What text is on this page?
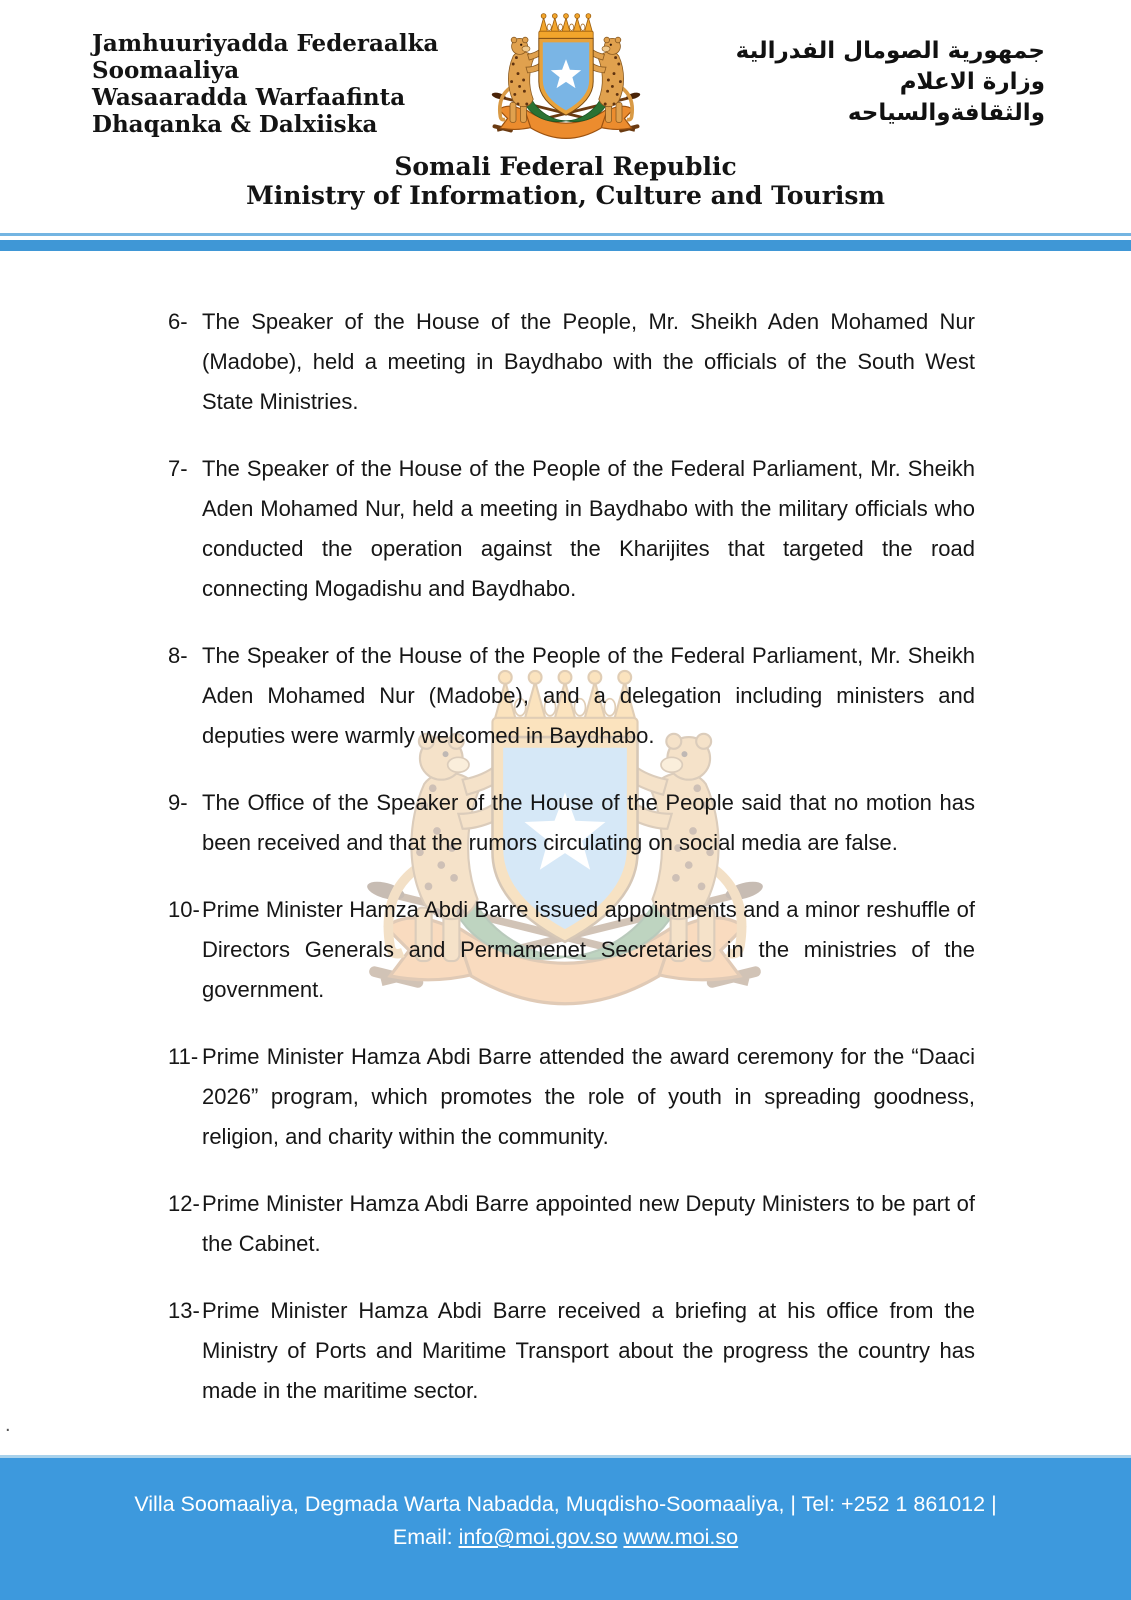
Jamhuuriyadda Federaalka
Soomaaliya
Wasaaradda Warfaafinta
Dhaqanka & Dalxiiska
جمهورية الصومال الفدرالية
وزارة الاعلام
والثقافةوالسياحه
Somali Federal Republic
Ministry of Information, Culture and Tourism
6- The Speaker of the House of the People, Mr. Sheikh Aden Mohamed Nur (Madobe), held a meeting in Baydhabo with the officials of the South West State Ministries.
7- The Speaker of the House of the People of the Federal Parliament, Mr. Sheikh Aden Mohamed Nur, held a meeting in Baydhabo with the military officials who conducted the operation against the Kharijites that targeted the road connecting Mogadishu and Baydhabo.
8- The Speaker of the House of the People of the Federal Parliament, Mr. Sheikh Aden Mohamed Nur (Madobe), and a delegation including ministers and deputies were warmly welcomed in Baydhabo.
9- The Office of the Speaker of the House of the People said that no motion has been received and that the rumors circulating on social media are false.
10- Prime Minister Hamza Abdi Barre issued appointments and a minor reshuffle of Directors Generals and Permamenet Secretaries in the ministries of the government.
11- Prime Minister Hamza Abdi Barre attended the award ceremony for the “Daaci 2026” program, which promotes the role of youth in spreading goodness, religion, and charity within the community.
12- Prime Minister Hamza Abdi Barre appointed new Deputy Ministers to be part of the Cabinet.
13- Prime Minister Hamza Abdi Barre received a briefing at his office from the Ministry of Ports and Maritime Transport about the progress the country has made in the maritime sector.
.
Villa Soomaaliya, Degmada Warta Nabadda, Muqdisho-Soomaaliya, | Tel: +252 1 861012 |
Email: info@moi.gov.so www.moi.so
